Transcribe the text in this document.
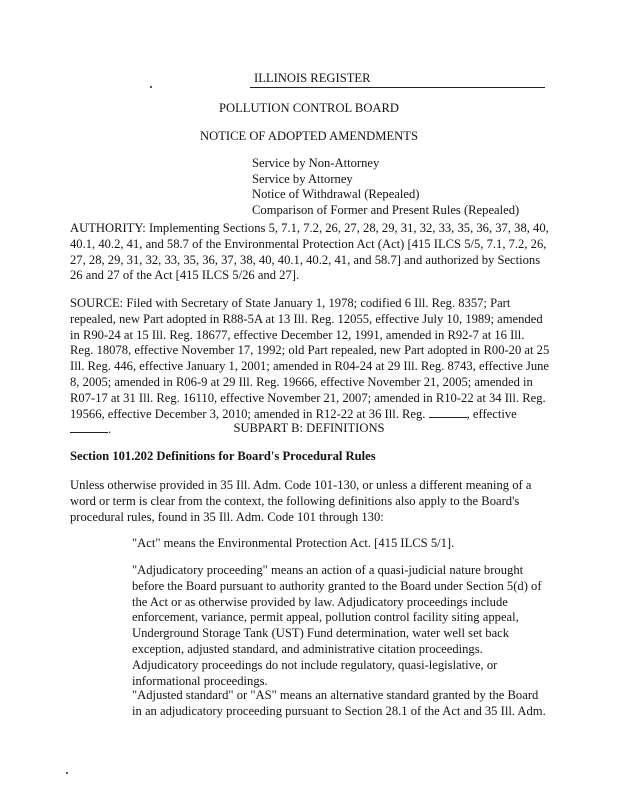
ILLINOIS REGISTER
POLLUTION CONTROL BOARD
NOTICE OF ADOPTED AMENDMENTS
Service by Non-Attorney
Service by Attorney
Notice of Withdrawal (Repealed)
Comparison of Former and Present Rules (Repealed)
AUTHORITY: Implementing Sections 5, 7.1, 7.2, 26, 27, 28, 29, 31, 32, 33, 35, 36, 37, 38, 40, 40.1, 40.2, 41, and 58.7 of the Environmental Protection Act (Act) [415 ILCS 5/5, 7.1, 7.2, 26, 27, 28, 29, 31, 32, 33, 35, 36, 37, 38, 40, 40.1, 40.2, 41, and 58.7] and authorized by Sections 26 and 27 of the Act [415 ILCS 5/26 and 27].
SOURCE: Filed with Secretary of State January 1, 1978; codified 6 Ill. Reg. 8357; Part repealed, new Part adopted in R88-5A at 13 Ill. Reg. 12055, effective July 10, 1989; amended in R90-24 at 15 Ill. Reg. 18677, effective December 12, 1991, amended in R92-7 at 16 Ill. Reg. 18078, effective November 17, 1992; old Part repealed, new Part adopted in R00-20 at 25 Ill. Reg. 446, effective January 1, 2001; amended in R04-24 at 29 Ill. Reg. 8743, effective June 8, 2005; amended in R06-9 at 29 Ill. Reg. 19666, effective November 21, 2005; amended in R07-17 at 31 Ill. Reg. 16110, effective November 21, 2007; amended in R10-22 at 34 Ill. Reg. 19566, effective December 3, 2010; amended in R12-22 at 36 Ill. Reg.	, effective .	SUBPART B: DEFINITIONS
Section 101.202 Definitions for Board's Procedural Rules
Unless otherwise provided in 35 Ill. Adm. Code 101-130, or unless a different meaning of a word or term is clear from the context, the following definitions also apply to the Board's procedural rules, found in 35 Ill. Adm. Code 101 through 130:
"Act" means the Environmental Protection Act. [415 ILCS 5/1].
"Adjudicatory proceeding" means an action of a quasi-judicial nature brought before the Board pursuant to authority granted to the Board under Section 5(d) of the Act or as otherwise provided by law. Adjudicatory proceedings include enforcement, variance, permit appeal, pollution control facility siting appeal, Underground Storage Tank (UST) Fund determination, water well set back exception, adjusted standard, and administrative citation proceedings. Adjudicatory proceedings do not include regulatory, quasi-legislative, or informational proceedings.
"Adjusted standard" or "AS" means an alternative standard granted by the Board in an adjudicatory proceeding pursuant to Section 28.1 of the Act and 35 Ill. Adm.
